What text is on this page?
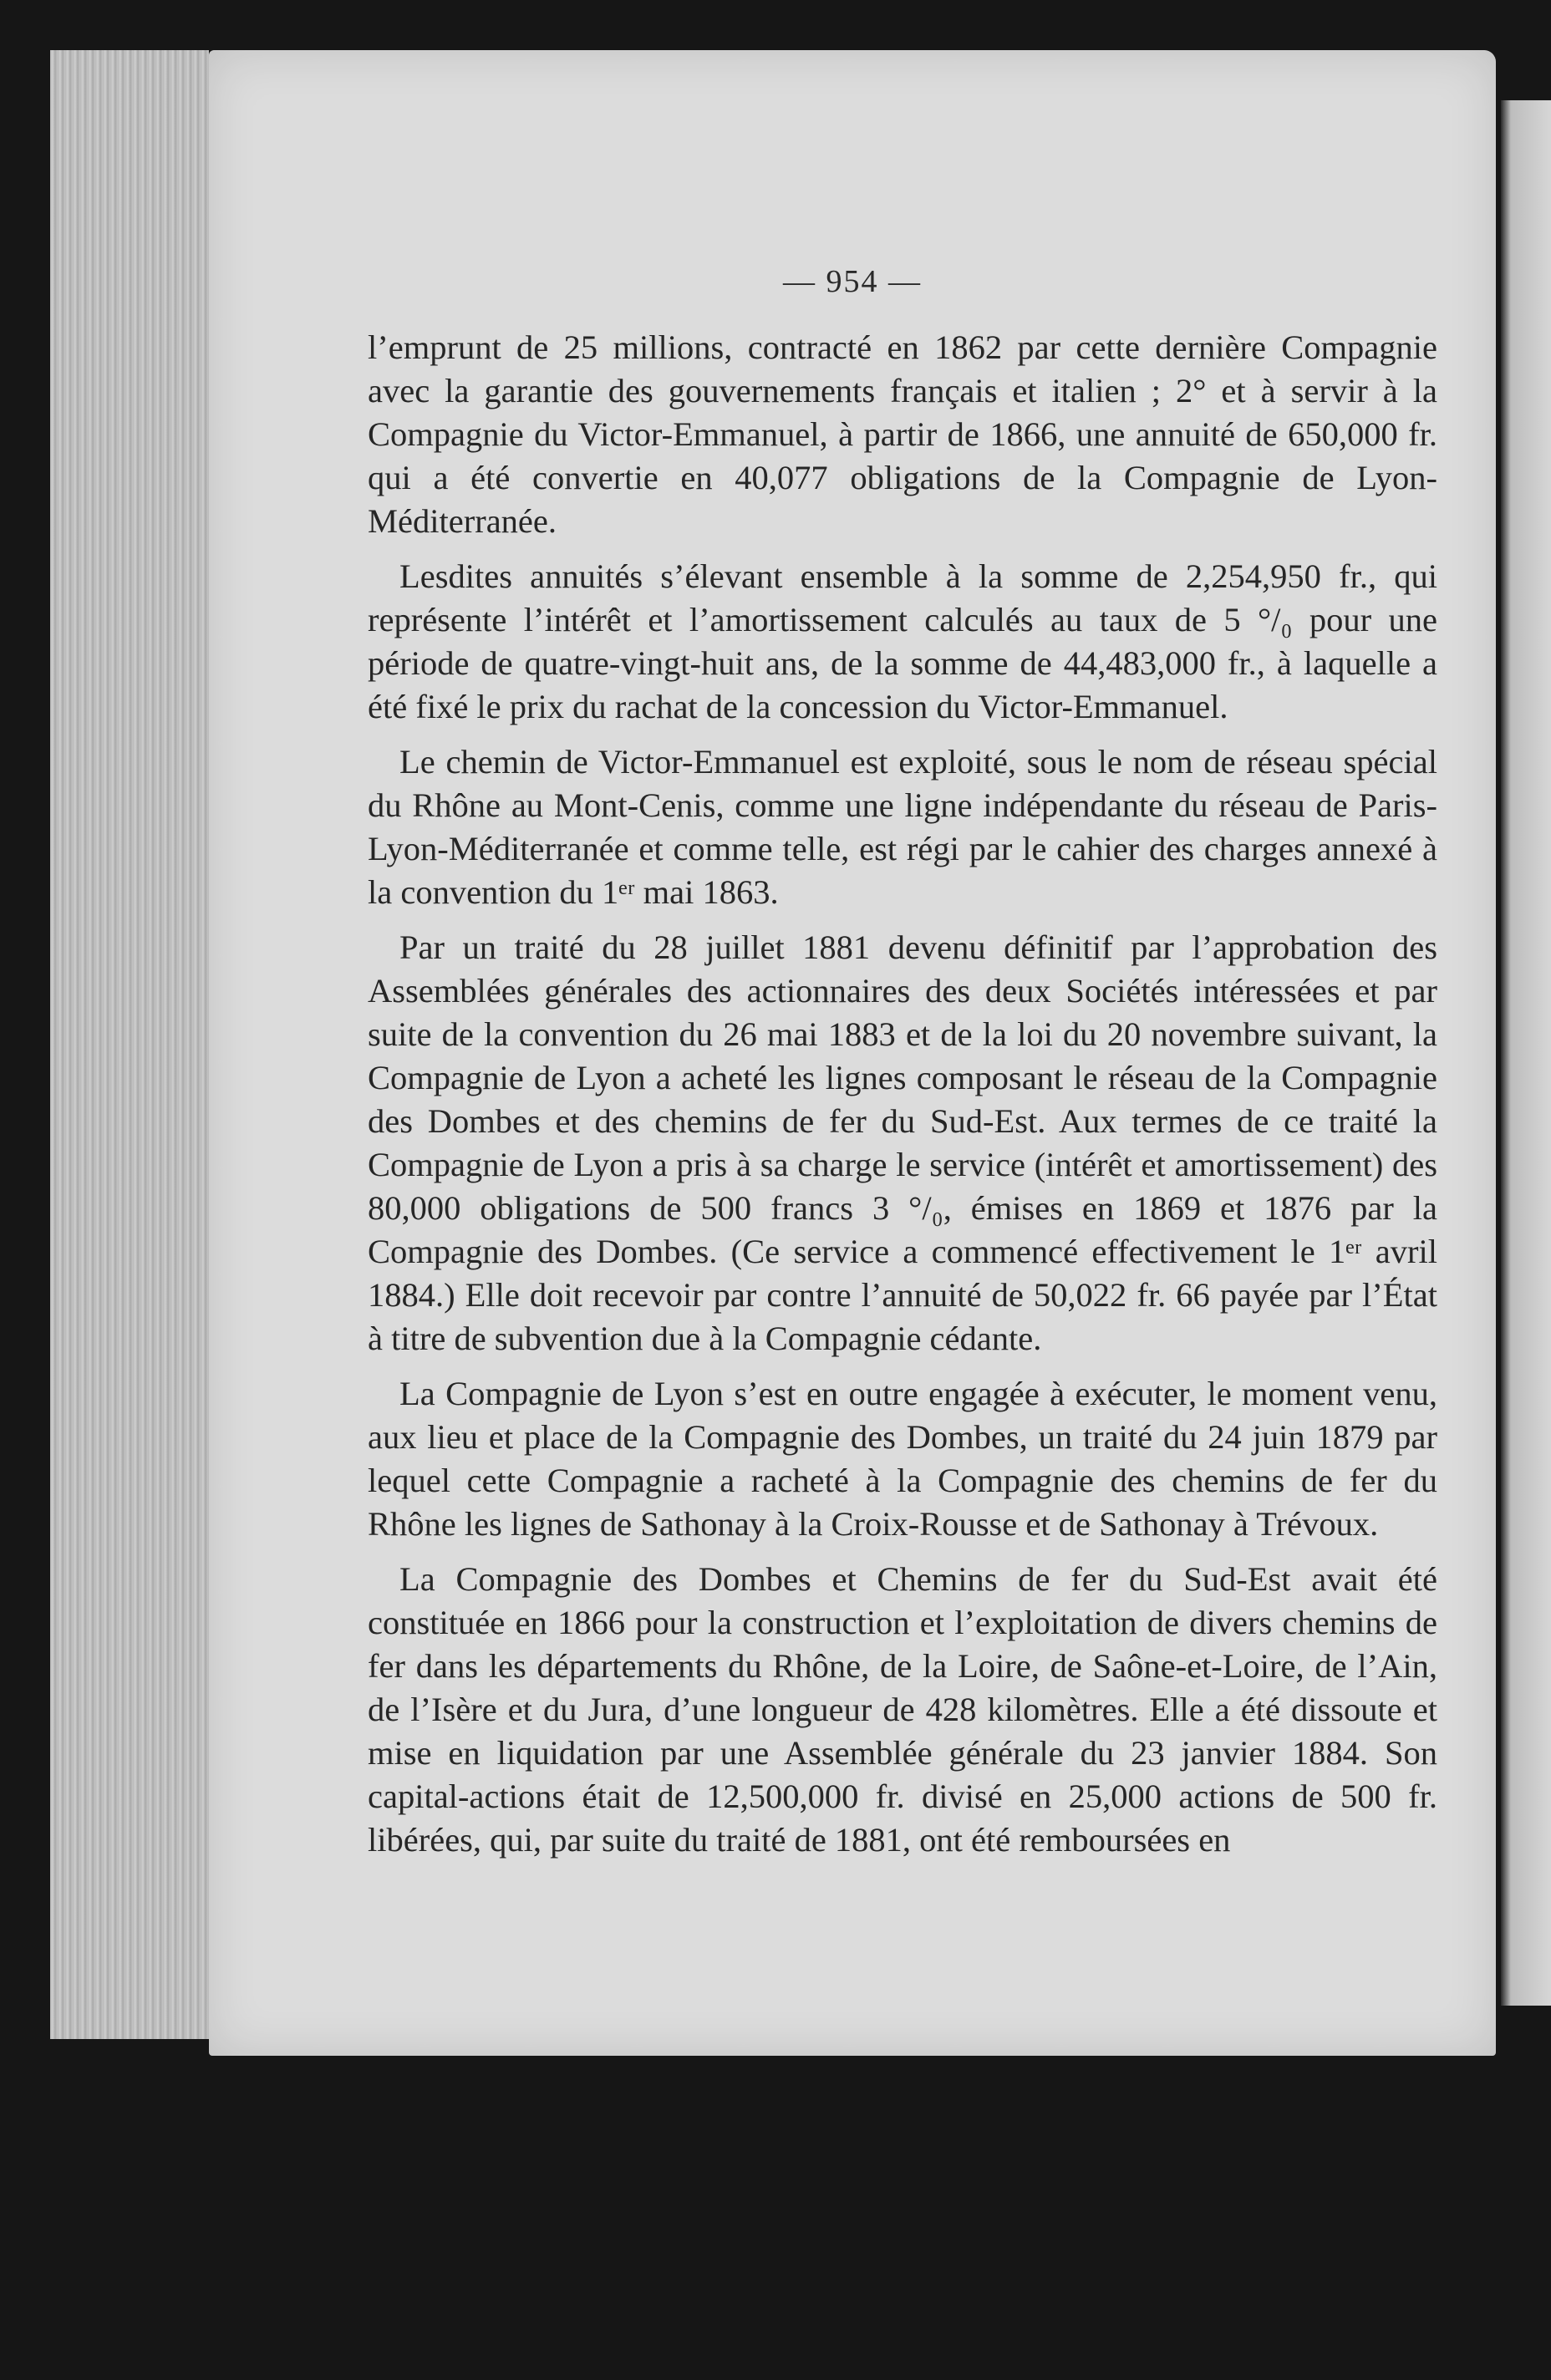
— 954 —

l’emprunt de 25 millions, contracté en 1862 par cette dernière Compagnie avec la garantie des gouvernements français et italien ; 2° et à servir à la Compagnie du Victor-Emmanuel, à partir de 1866, une annuité de 650,000 fr. qui a été convertie en 40,077 obligations de la Compagnie de Lyon-Méditerranée.

Lesdites annuités s’élevant ensemble à la somme de 2,254,950 fr., qui représente l’intérêt et l’amortissement calculés au taux de 5 °/₀ pour une période de quatre-vingt-huit ans, de la somme de 44,483,000 fr., à laquelle a été fixé le prix du rachat de la concession du Victor-Emmanuel.

Le chemin de Victor-Emmanuel est exploité, sous le nom de réseau spécial du Rhône au Mont-Cenis, comme une ligne indépendante du réseau de Paris-Lyon-Méditerranée et comme telle, est régi par le cahier des charges annexé à la convention du 1ᵉʳ mai 1863.

Par un traité du 28 juillet 1881 devenu définitif par l’approbation des Assemblées générales des actionnaires des deux Sociétés intéressées et par suite de la convention du 26 mai 1883 et de la loi du 20 novembre suivant, la Compagnie de Lyon a acheté les lignes composant le réseau de la Compagnie des Dombes et des chemins de fer du Sud-Est. Aux termes de ce traité la Compagnie de Lyon a pris à sa charge le service (intérêt et amortissement) des 80,000 obligations de 500 francs 3 °/₀, émises en 1869 et 1876 par la Compagnie des Dombes. (Ce service a commencé effectivement le 1ᵉʳ avril 1884.) Elle doit recevoir par contre l’annuité de 50,022 fr. 66 payée par l’État à titre de subvention due à la Compagnie cédante.

La Compagnie de Lyon s’est en outre engagée à exécuter, le moment venu, aux lieu et place de la Compagnie des Dombes, un traité du 24 juin 1879 par lequel cette Compagnie a racheté à la Compagnie des chemins de fer du Rhône les lignes de Sathonay à la Croix-Rousse et de Sathonay à Trévoux.

La Compagnie des Dombes et Chemins de fer du Sud-Est avait été constituée en 1866 pour la construction et l’exploitation de divers chemins de fer dans les départements du Rhône, de la Loire, de Saône-et-Loire, de l’Ain, de l’Isère et du Jura, d’une longueur de 428 kilomètres. Elle a été dissoute et mise en liquidation par une Assemblée générale du 23 janvier 1884. Son capital-actions était de 12,500,000 fr. divisé en 25,000 actions de 500 fr. libérées, qui, par suite du traité de 1881, ont été remboursées en
